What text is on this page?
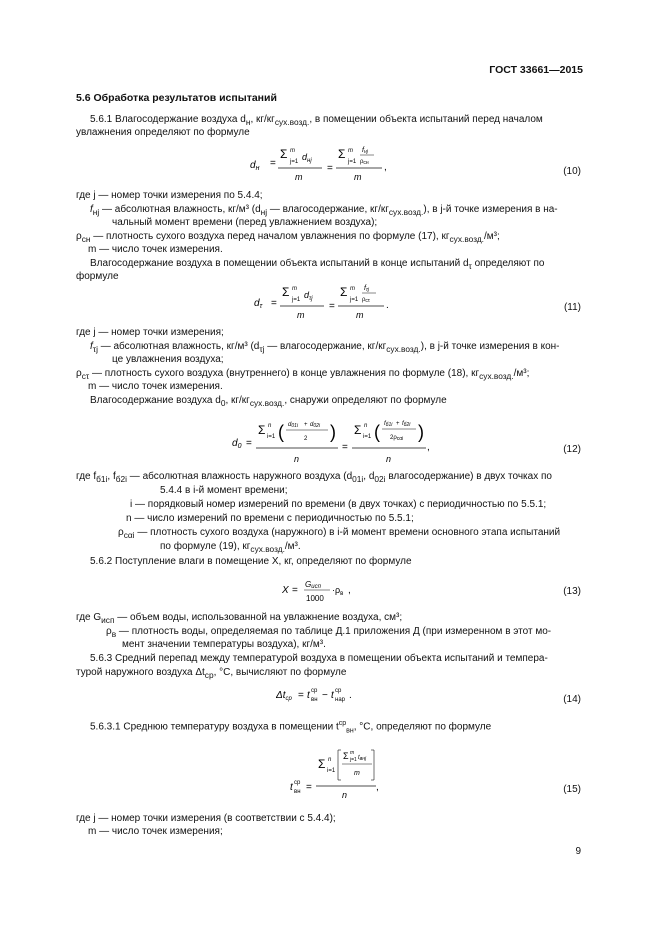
ГОСТ 33661—2015
5.6 Обработка результатов испытаний
5.6.1 Влагосодержание воздуха $d_н$, $кг/кг_{сух.возд.}$, в помещении объекта испытаний перед началом
увлажнения определяют по формуле
$d_н$ =
Σ m
j=1 $d_{нj}$
m
=
Σ m
j=1
fнj
ρсн
m
,	(10)
где j — номер точки измерения по 5.4.4;
$f_{нj}$ — абсолютная влажность, кг/м³ ($d_{нj}$ — влагосодержание, $кг/кг_{сух.возд.}$), в j-й точке измерения в на-
чальный момент времени (перед увлажнением воздуха);
$\rho_{сн}$ — плотность сухого воздуха перед началом увлажнения по формуле (17), $кг_{сух.возд.}/м^3$;
m — число точек измерения.
Влагосодержание воздуха в помещении объекта испытаний в конце испытаний $d_\tau$ определяют по
формуле
$d_\tau$ =
Σ m
j=1 $d_{\tau j}$
m
=
Σ m
j=1
fτj
ρсτ
m
.	(11)
где j — номер точки измерения;
$f_{\tau j}$ — абсолютная влажность, кг/м³ ($d_{\tau j}$ — влагосодержание, $кг/кг_{сух.возд.}$), в j-й точке измерения в кон-
це увлажнения воздуха;
$\rho_{с\tau}$ — плотность сухого воздуха (внутреннего) в конце увлажнения по формуле (18), $кг_{сух.возд.}/м^3$;
m — число точек измерения.
Влагосодержание воздуха $d_0$, $кг/кг_{сух.возд.}$, снаружи определяют по формуле
$d_0$ =
Σ n
i=1 ( d01i + d02i
2 )
n
=
Σ n
i=1 ( fб1i + fб2i
2ρсαi )
n
,	(12)
где $f_{б1i}$, $f_{б2i}$ — абсолютная влажность наружного воздуха ($d_{01i}$, $d_{02i}$ влагосодержание) в двух точках по
5.4.4 в i-й момент времени;
i — порядковый номер измерений по времени (в двух точках) с периодичностью по 5.5.1;
n — число измерений по времени с периодичностью по 5.5.1;
$\rho_{с\alpha i}$ — плотность сухого воздуха (наружного) в i-й момент времени основного этапа испытаний
по формуле (19), $кг_{сух.возд.}/м^3$.
5.6.2 Поступление влаги в помещение X, кг, определяют по формуле
X =
Gисп
1000
$\cdot\rho_в$ ,	(13)
где $G_{исп}$ — объем воды, использованной на увлажнение воздуха, см³;
$\rho_в$ — плотность воды, определяемая по таблице Д.1 приложения Д (при измеренном в этот мо-
мент значении температуры воздуха), кг/м³.
5.6.3 Средний перепад между температурой воздуха в помещении объекта испытаний и темпера-
турой наружного воздуха $\Delta t_{ср}$, °С, вычисляют по формуле
$\Delta t_{ср} = t$ ср
вн − t ср
нар .	(14)
5.6.3.1 Среднюю температуру воздуха в помещении $t^{ср}_{вн}$, °С, определяют по формуле
t ср
вн =
Σ n
i=1
Σ m
j=1 tвнj
m
n
,	(15)
где j — номер точки измерения (в соответствии с 5.4.4);
m — число точек измерения;
9
